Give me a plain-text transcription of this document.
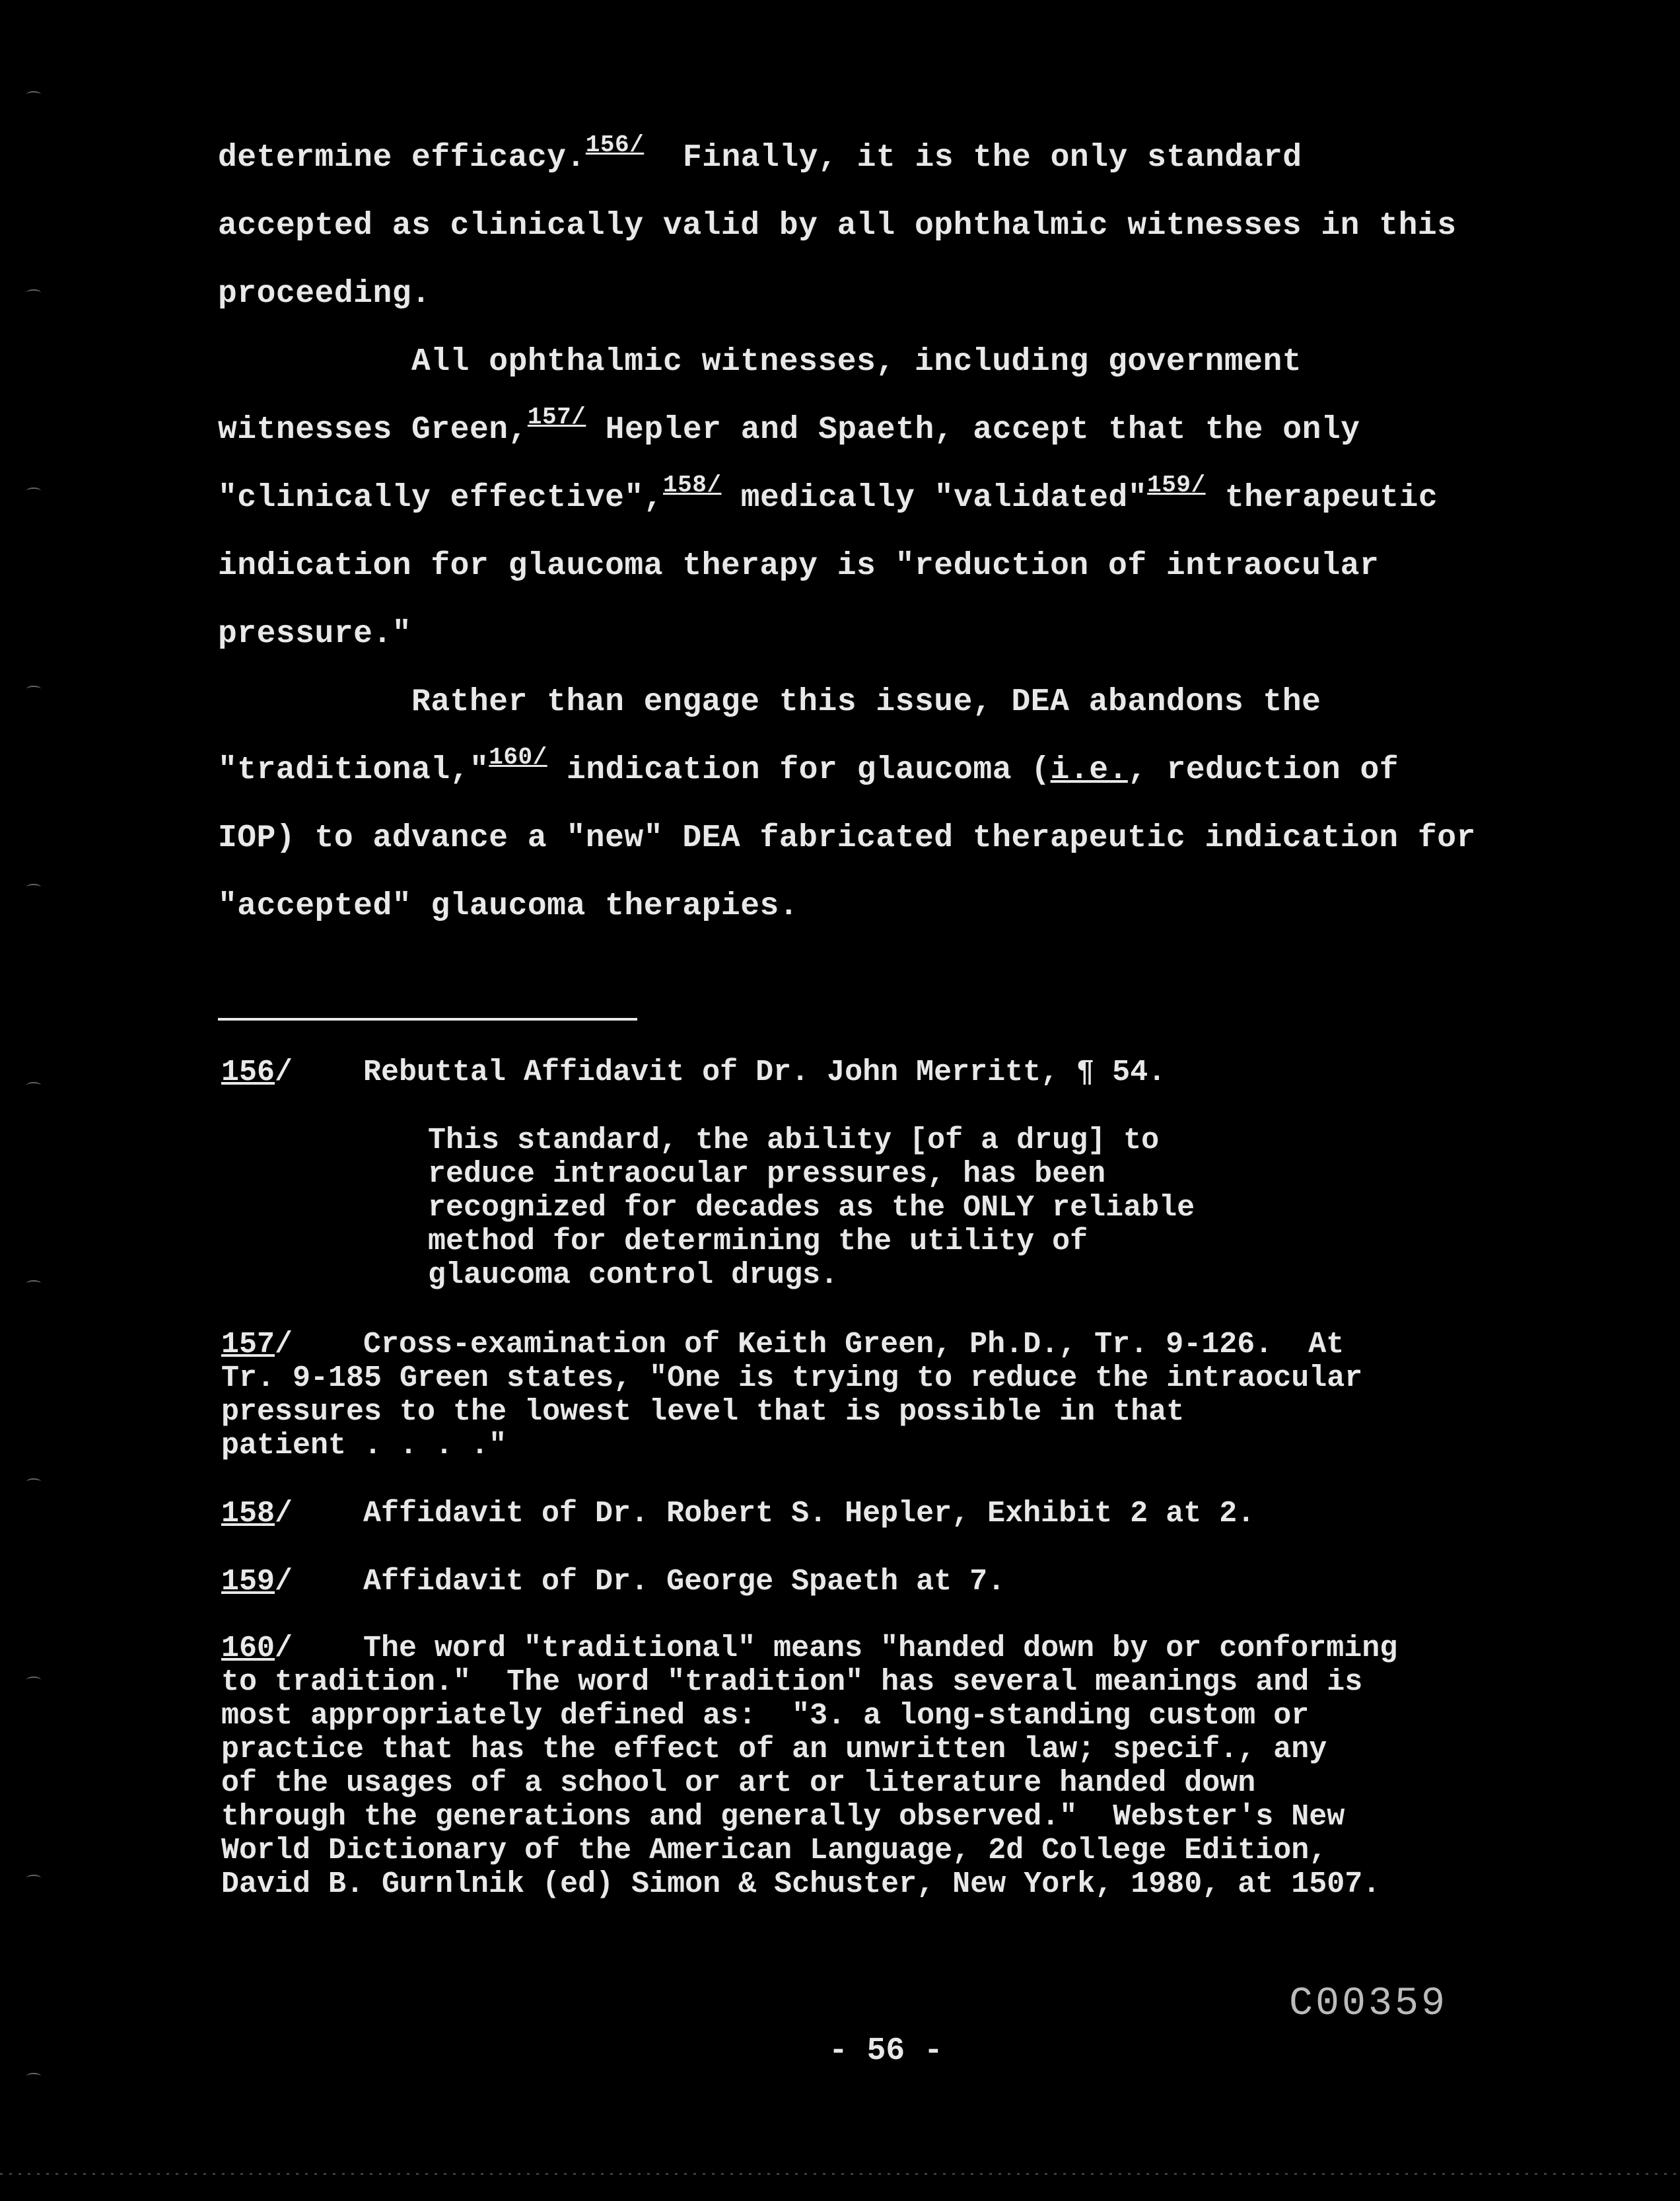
determine efficacy.$^{156/}$  Finally, it is the only standard
accepted as clinically valid by all ophthalmic witnesses in this
proceeding.
All ophthalmic witnesses, including government
witnesses Green,$^{157/}$ Hepler and Spaeth, accept that the only
"clinically effective",$^{158/}$ medically "validated"$^{159/}$ therapeutic
indication for glaucoma therapy is "reduction of intraocular
pressure."
Rather than engage this issue, DEA abandons the
"traditional,"$^{160/}$ indication for glaucoma (i.e., reduction of
IOP) to advance a "new" DEA fabricated therapeutic indication for
"accepted" glaucoma therapies.
156/ Rebuttal Affidavit of Dr. John Merritt, ¶ 54.
This standard, the ability [of a drug] to
reduce intraocular pressures, has been
recognized for decades as the ONLY reliable
method for determining the utility of
glaucoma control drugs.
157/ Cross-examination of Keith Green, Ph.D., Tr. 9-126.  At
Tr. 9-185 Green states, "One is trying to reduce the intraocular
pressures to the lowest level that is possible in that
patient . . . ."
158/ Affidavit of Dr. Robert S. Hepler, Exhibit 2 at 2.
159/ Affidavit of Dr. George Spaeth at 7.
160/ The word "traditional" means "handed down by or conforming
to tradition."  The word "tradition" has several meanings and is
most appropriately defined as:  "3. a long-standing custom or
practice that has the effect of an unwritten law; specif., any
of the usages of a school or art or literature handed down
through the generations and generally observed."  Webster's New
World Dictionary of the American Language, 2d College Edition,
David B. Gurnlnik (ed) Simon & Schuster, New York, 1980, at 1507.
C00359
- 56 -
